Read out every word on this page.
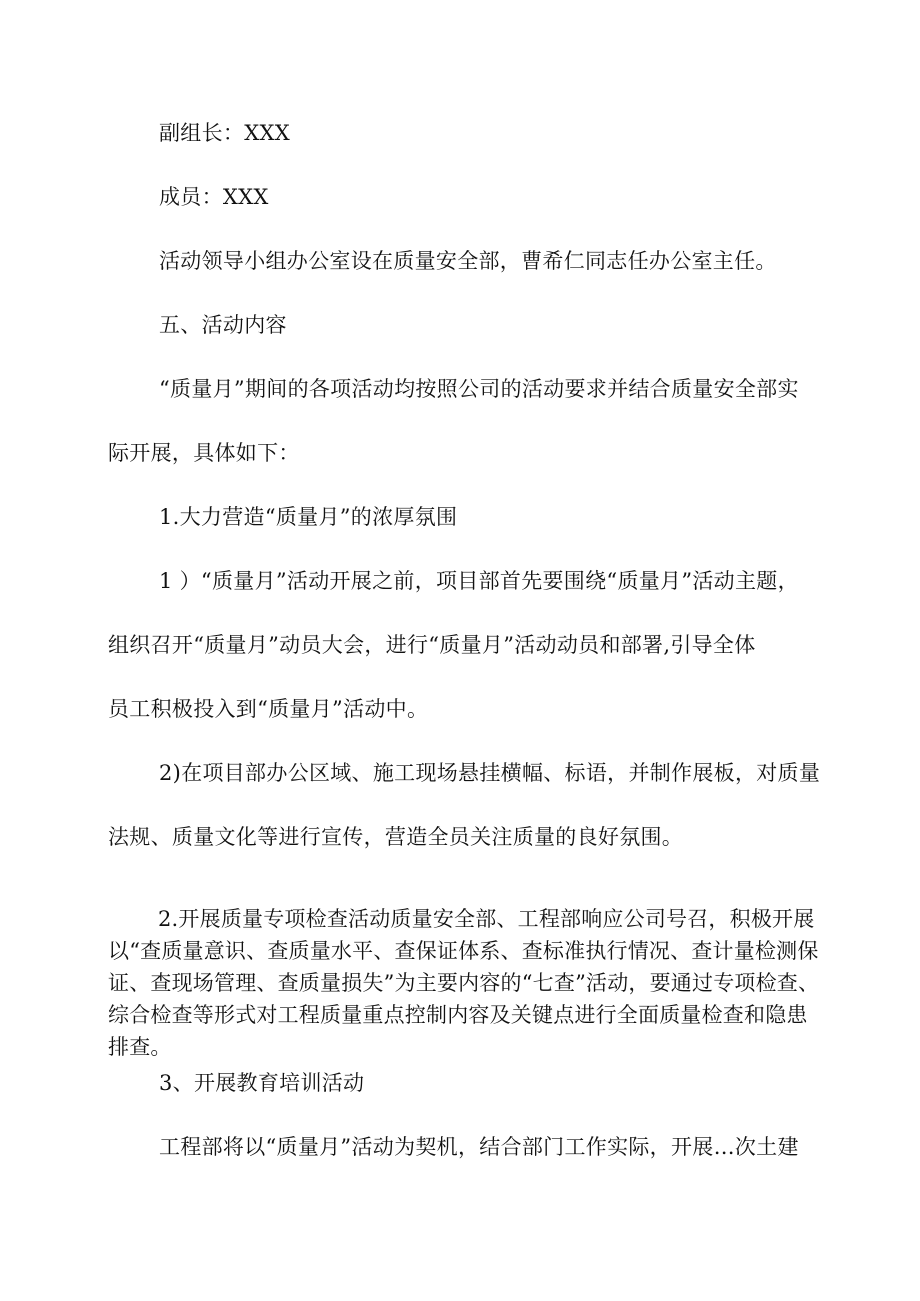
副组长：XXX
成员：XXX
活动领导小组办公室设在质量安全部，曹希仁同志任办公室主任。
五、活动内容
“质量月”期间的各项活动均按照公司的活动要求并结合质量安全部实
际开展，具体如下：
1.大力营造“质量月”的浓厚氛围
1 ）“质量月”活动开展之前，项目部首先要围绕“质量月”活动主题，
组织召开“质量月”动员大会，进行“质量月”活动动员和部署,引导全体
员工积极投入到“质量月”活动中。
2)在项目部办公区域、施工现场悬挂横幅、标语，并制作展板，对质量
法规、质量文化等进行宣传，营造全员关注质量的良好氛围。
2.开展质量专项检查活动质量安全部、工程部响应公司号召，积极开展以“查质量意识、查质量水平、查保证体系、查标准执行情况、查计量检测保证、查现场管理、查质量损失”为主要内容的“七查”活动，要通过专项检查、综合检查等形式对工程质量重点控制内容及关键点进行全面质量检查和隐患排查。
3、开展教育培训活动
工程部将以“质量月”活动为契机，结合部门工作实际，开展…次土建
